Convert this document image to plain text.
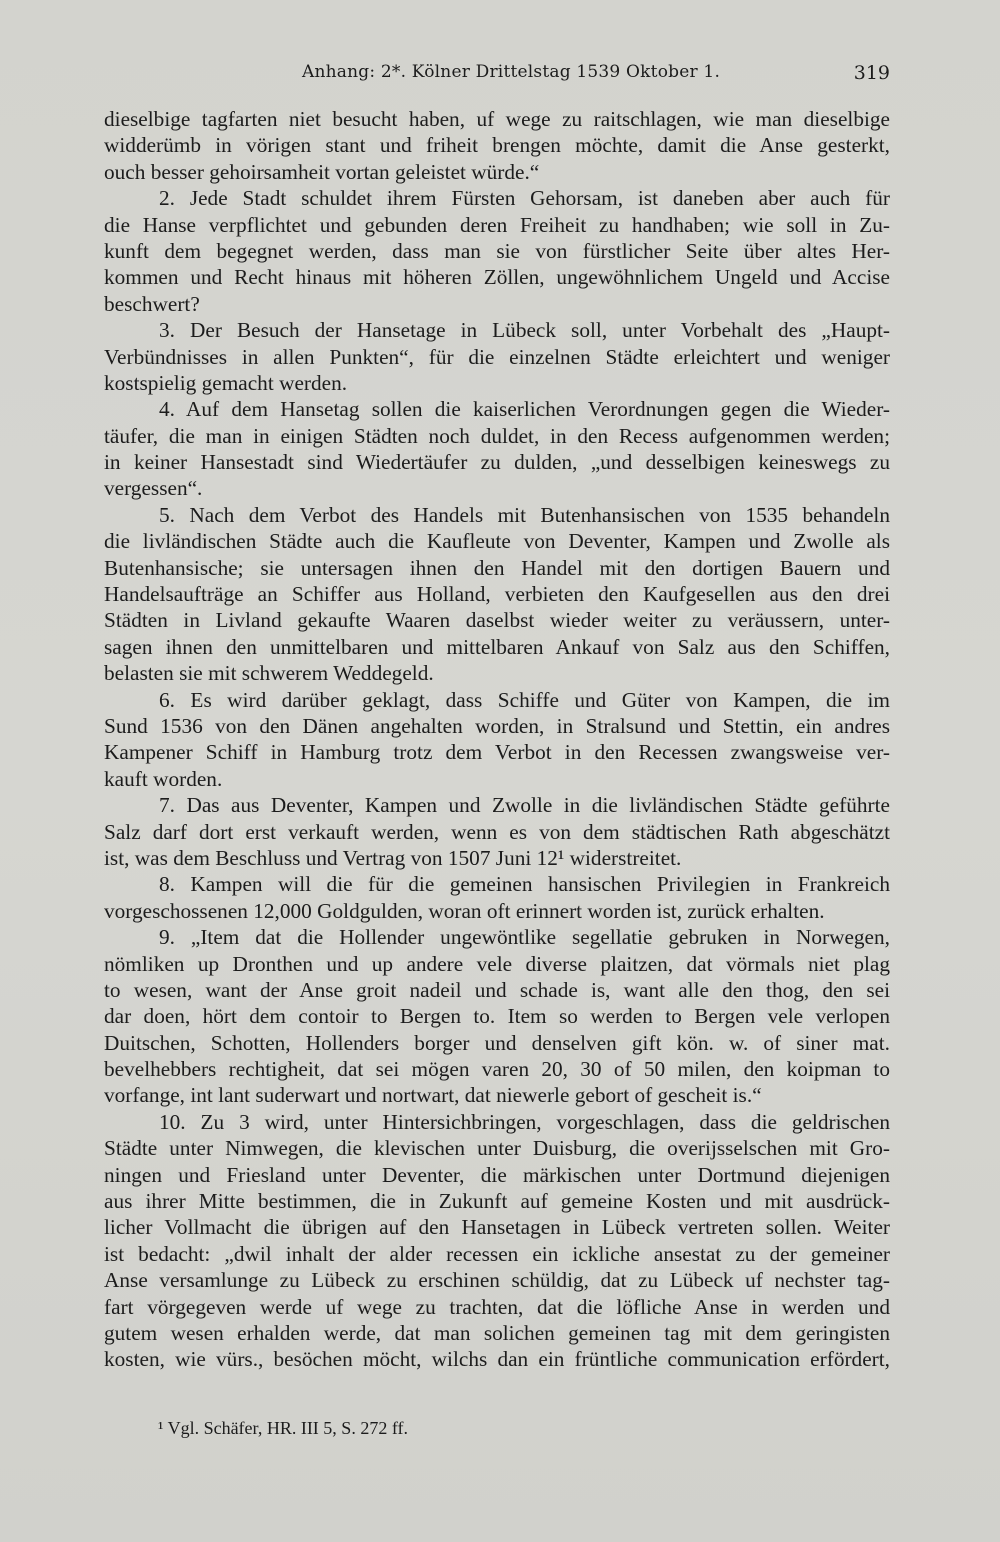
Anhang: 2*. Kölner Drittelstag 1539 Oktober 1.	319
dieselbige tagfarten niet besucht haben, uf wege zu raitschlagen, wie man dieselbige
widderümb in vörigen stant und friheit brengen möchte, damit die Anse gesterkt,
ouch besser gehoirsamheit vortan geleistet würde.“
2. Jede Stadt schuldet ihrem Fürsten Gehorsam, ist daneben aber auch für
die Hanse verpflichtet und gebunden deren Freiheit zu handhaben; wie soll in Zu-
kunft dem begegnet werden, dass man sie von fürstlicher Seite über altes Her-
kommen und Recht hinaus mit höheren Zöllen, ungewöhnlichem Ungeld und Accise
beschwert?
3. Der Besuch der Hansetage in Lübeck soll, unter Vorbehalt des „Haupt-
Verbündnisses in allen Punkten“, für die einzelnen Städte erleichtert und weniger
kostspielig gemacht werden.
4. Auf dem Hansetag sollen die kaiserlichen Verordnungen gegen die Wieder-
täufer, die man in einigen Städten noch duldet, in den Recess aufgenommen werden;
in keiner Hansestadt sind Wiedertäufer zu dulden, „und desselbigen keineswegs zu
vergessen“.
5. Nach dem Verbot des Handels mit Butenhansischen von 1535 behandeln
die livländischen Städte auch die Kaufleute von Deventer, Kampen und Zwolle als
Butenhansische; sie untersagen ihnen den Handel mit den dortigen Bauern und
Handelsaufträge an Schiffer aus Holland, verbieten den Kaufgesellen aus den drei
Städten in Livland gekaufte Waaren daselbst wieder weiter zu veräussern, unter-
sagen ihnen den unmittelbaren und mittelbaren Ankauf von Salz aus den Schiffen,
belasten sie mit schwerem Weddegeld.
6. Es wird darüber geklagt, dass Schiffe und Güter von Kampen, die im
Sund 1536 von den Dänen angehalten worden, in Stralsund und Stettin, ein andres
Kampener Schiff in Hamburg trotz dem Verbot in den Recessen zwangsweise ver-
kauft worden.
7. Das aus Deventer, Kampen und Zwolle in die livländischen Städte geführte
Salz darf dort erst verkauft werden, wenn es von dem städtischen Rath abgeschätzt
ist, was dem Beschluss und Vertrag von 1507 Juni 12¹ widerstreitet.
8. Kampen will die für die gemeinen hansischen Privilegien in Frankreich
vorgeschossenen 12,000 Goldgulden, woran oft erinnert worden ist, zurück erhalten.
9. „Item dat die Hollender ungewöntlike segellatie gebruken in Norwegen,
nömliken up Dronthen und up andere vele diverse plaitzen, dat vörmals niet plag
to wesen, want der Anse groit nadeil und schade is, want alle den thog, den sei
dar doen, hört dem contoir to Bergen to. Item so werden to Bergen vele verlopen
Duitschen, Schotten, Hollenders borger und denselven gift kön. w. of siner mat.
bevelhebbers rechtigheit, dat sei mögen varen 20, 30 of 50 milen, den koipman to
vorfange, int lant suderwart und nortwart, dat niewerle gebort of gescheit is.“
10. Zu 3 wird, unter Hintersichbringen, vorgeschlagen, dass die geldrischen
Städte unter Nimwegen, die klevischen unter Duisburg, die overijsselschen mit Gro-
ningen und Friesland unter Deventer, die märkischen unter Dortmund diejenigen
aus ihrer Mitte bestimmen, die in Zukunft auf gemeine Kosten und mit ausdrück-
licher Vollmacht die übrigen auf den Hansetagen in Lübeck vertreten sollen. Weiter
ist bedacht: „dwil inhalt der alder recessen ein ickliche ansestat zu der gemeiner
Anse versamlunge zu Lübeck zu erschinen schüldig, dat zu Lübeck uf nechster tag-
fart vörgegeven werde uf wege zu trachten, dat die löfliche Anse in werden und
gutem wesen erhalden werde, dat man solichen gemeinen tag mit dem geringisten
kosten, wie vürs., besöchen möcht, wilchs dan ein früntliche communication erfördert,
¹ Vgl. Schäfer, HR. III 5, S. 272 ff.
